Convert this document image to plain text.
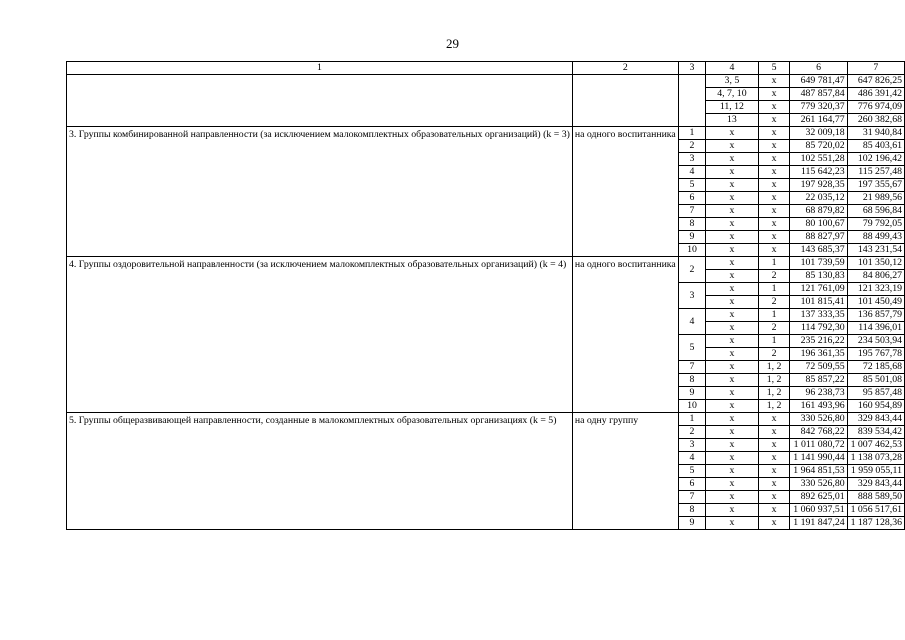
29
1	2	3	4	5	6	7
			3, 5	x	649 781,47	647 826,25
			4, 7, 10	x	487 857,84	486 391,42
			11, 12	x	779 320,37	776 974,09
			13	x	261 164,77	260 382,68
3. Группы комбинированной направленности (за исключением малокомплектных образовательных организаций) (k = 3)	на одного воспитанника	1	x	x	32 009,18	31 940,84
		2	x	x	85 720,02	85 403,61
		3	x	x	102 551,28	102 196,42
		4	x	x	115 642,23	115 257,48
		5	x	x	197 928,35	197 355,67
		6	x	x	22 035,12	21 989,56
		7	x	x	68 879,82	68 596,84
		8	x	x	80 100,67	79 792,05
		9	x	x	88 827,97	88 499,43
		10	x	x	143 685,37	143 231,54
4. Группы оздоровительной направленности (за исключением малокомплектных образовательных организаций) (k = 4)	на одного воспитанника	2	x	1	101 739,59	101 350,12
			x	2	85 130,83	84 806,27
		3	x	1	121 761,09	121 323,19
			x	2	101 815,41	101 450,49
		4	x	1	137 333,35	136 857,79
			x	2	114 792,30	114 396,01
		5	x	1	235 216,22	234 503,94
			x	2	196 361,35	195 767,78
		7	x	1, 2	72 509,55	72 185,68
		8	x	1, 2	85 857,22	85 501,08
		9	x	1, 2	96 238,73	95 857,48
		10	x	1, 2	161 493,96	160 954,89
5. Группы общеразвивающей направленности, созданные в малокомплектных образовательных организациях (k = 5)	на одну группу	1	x	x	330 526,80	329 843,44
		2	x	x	842 768,22	839 534,42
		3	x	x	1 011 080,72	1 007 462,53
		4	x	x	1 141 990,44	1 138 073,28
		5	x	x	1 964 851,53	1 959 055,11
		6	x	x	330 526,80	329 843,44
		7	x	x	892 625,01	888 589,50
		8	x	x	1 060 937,51	1 056 517,61
		9	x	x	1 191 847,24	1 187 128,36
